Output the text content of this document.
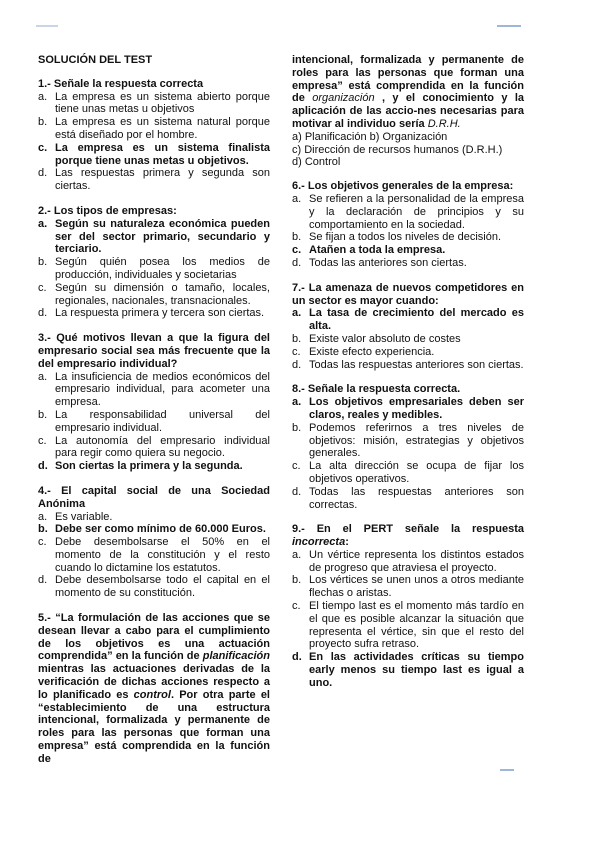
SOLUCIÓN DEL TEST
1.- Señale la respuesta correcta
a. La empresa es un sistema abierto porque tiene unas metas u objetivos
b. La empresa es un sistema natural porque está diseñado por el hombre.
c. La empresa es un sistema finalista porque tiene unas metas u objetivos.
d. Las respuestas primera y segunda son ciertas.
2.- Los tipos de empresas:
a. Según su naturaleza económica pueden ser del sector primario, secundario y terciario.
b. Según quién posea los medios de producción, individuales y societarias
c. Según su dimensión o tamaño, locales, regionales, nacionales, transnacionales.
d. La respuesta primera y tercera son ciertas.
3.- Qué motivos llevan a que la figura del empresario social sea más frecuente que la del empresario individual?
a. La insuficiencia de medios económicos del empresario individual, para acometer una empresa.
b. La responsabilidad universal del empresario individual.
c. La autonomía del empresario individual para regir como quiera su negocio.
d. Son ciertas la primera y la segunda.
4.- El capital social de una Sociedad Anónima
a. Es variable.
b. Debe ser como mínimo de 60.000 Euros.
c. Debe desembolsarse el 50% en el momento de la constitución y el resto cuando lo dictamine los estatutos.
d. Debe desembolsarse todo el capital en el momento de su constitución.
5.- “La formulación de las acciones que se desean llevar a cabo para el cumplimiento de los objetivos es una actuación comprendida” en la función de planificación mientras las actuaciones derivadas de la verificación de dichas acciones respecto a lo planificado es control. Por otra parte el “establecimiento de una estructura intencional, formalizada y permanente de roles para las personas que forman una empresa” está comprendida en la función de
intencional, formalizada y permanente de roles para las personas que forman una empresa” está comprendida en la función de organización , y el conocimiento y la aplicación de las accio-nes necesarias para motivar al individuo sería D.R.H.
a) Planificación b) Organización
c) Dirección de recursos humanos (D.R.H.)
d) Control
6.- Los objetivos generales de la empresa:
a. Se refieren a la personalidad de la empresa y la declaración de principios y su comportamiento en la sociedad.
b. Se fijan a todos los niveles de decisión.
c. Atañen a toda la empresa.
d. Todas las anteriores son ciertas.
7.- La amenaza de nuevos competidores en un sector es mayor cuando:
a. La tasa de crecimiento del mercado es alta.
b. Existe valor absoluto de costes
c. Existe efecto experiencia.
d. Todas las respuestas anteriores son ciertas.
8.- Señale la respuesta correcta.
a. Los objetivos empresariales deben ser claros, reales y medibles.
b. Podemos referirnos a tres niveles de objetivos: misión, estrategias y objetivos generales.
c. La alta dirección se ocupa de fijar los objetivos operativos.
d. Todas las respuestas anteriores son correctas.
9.- En el PERT señale la respuesta incorrecta:
a. Un vértice representa los distintos estados de progreso que atraviesa el proyecto.
b. Los vértices se unen unos a otros mediante flechas o aristas.
c. El tiempo last es el momento más tardío en el que es posible alcanzar la situación que representa el vértice, sin que el resto del proyecto sufra retraso.
d. En las actividades críticas su tiempo early menos su tiempo last es igual a uno.
